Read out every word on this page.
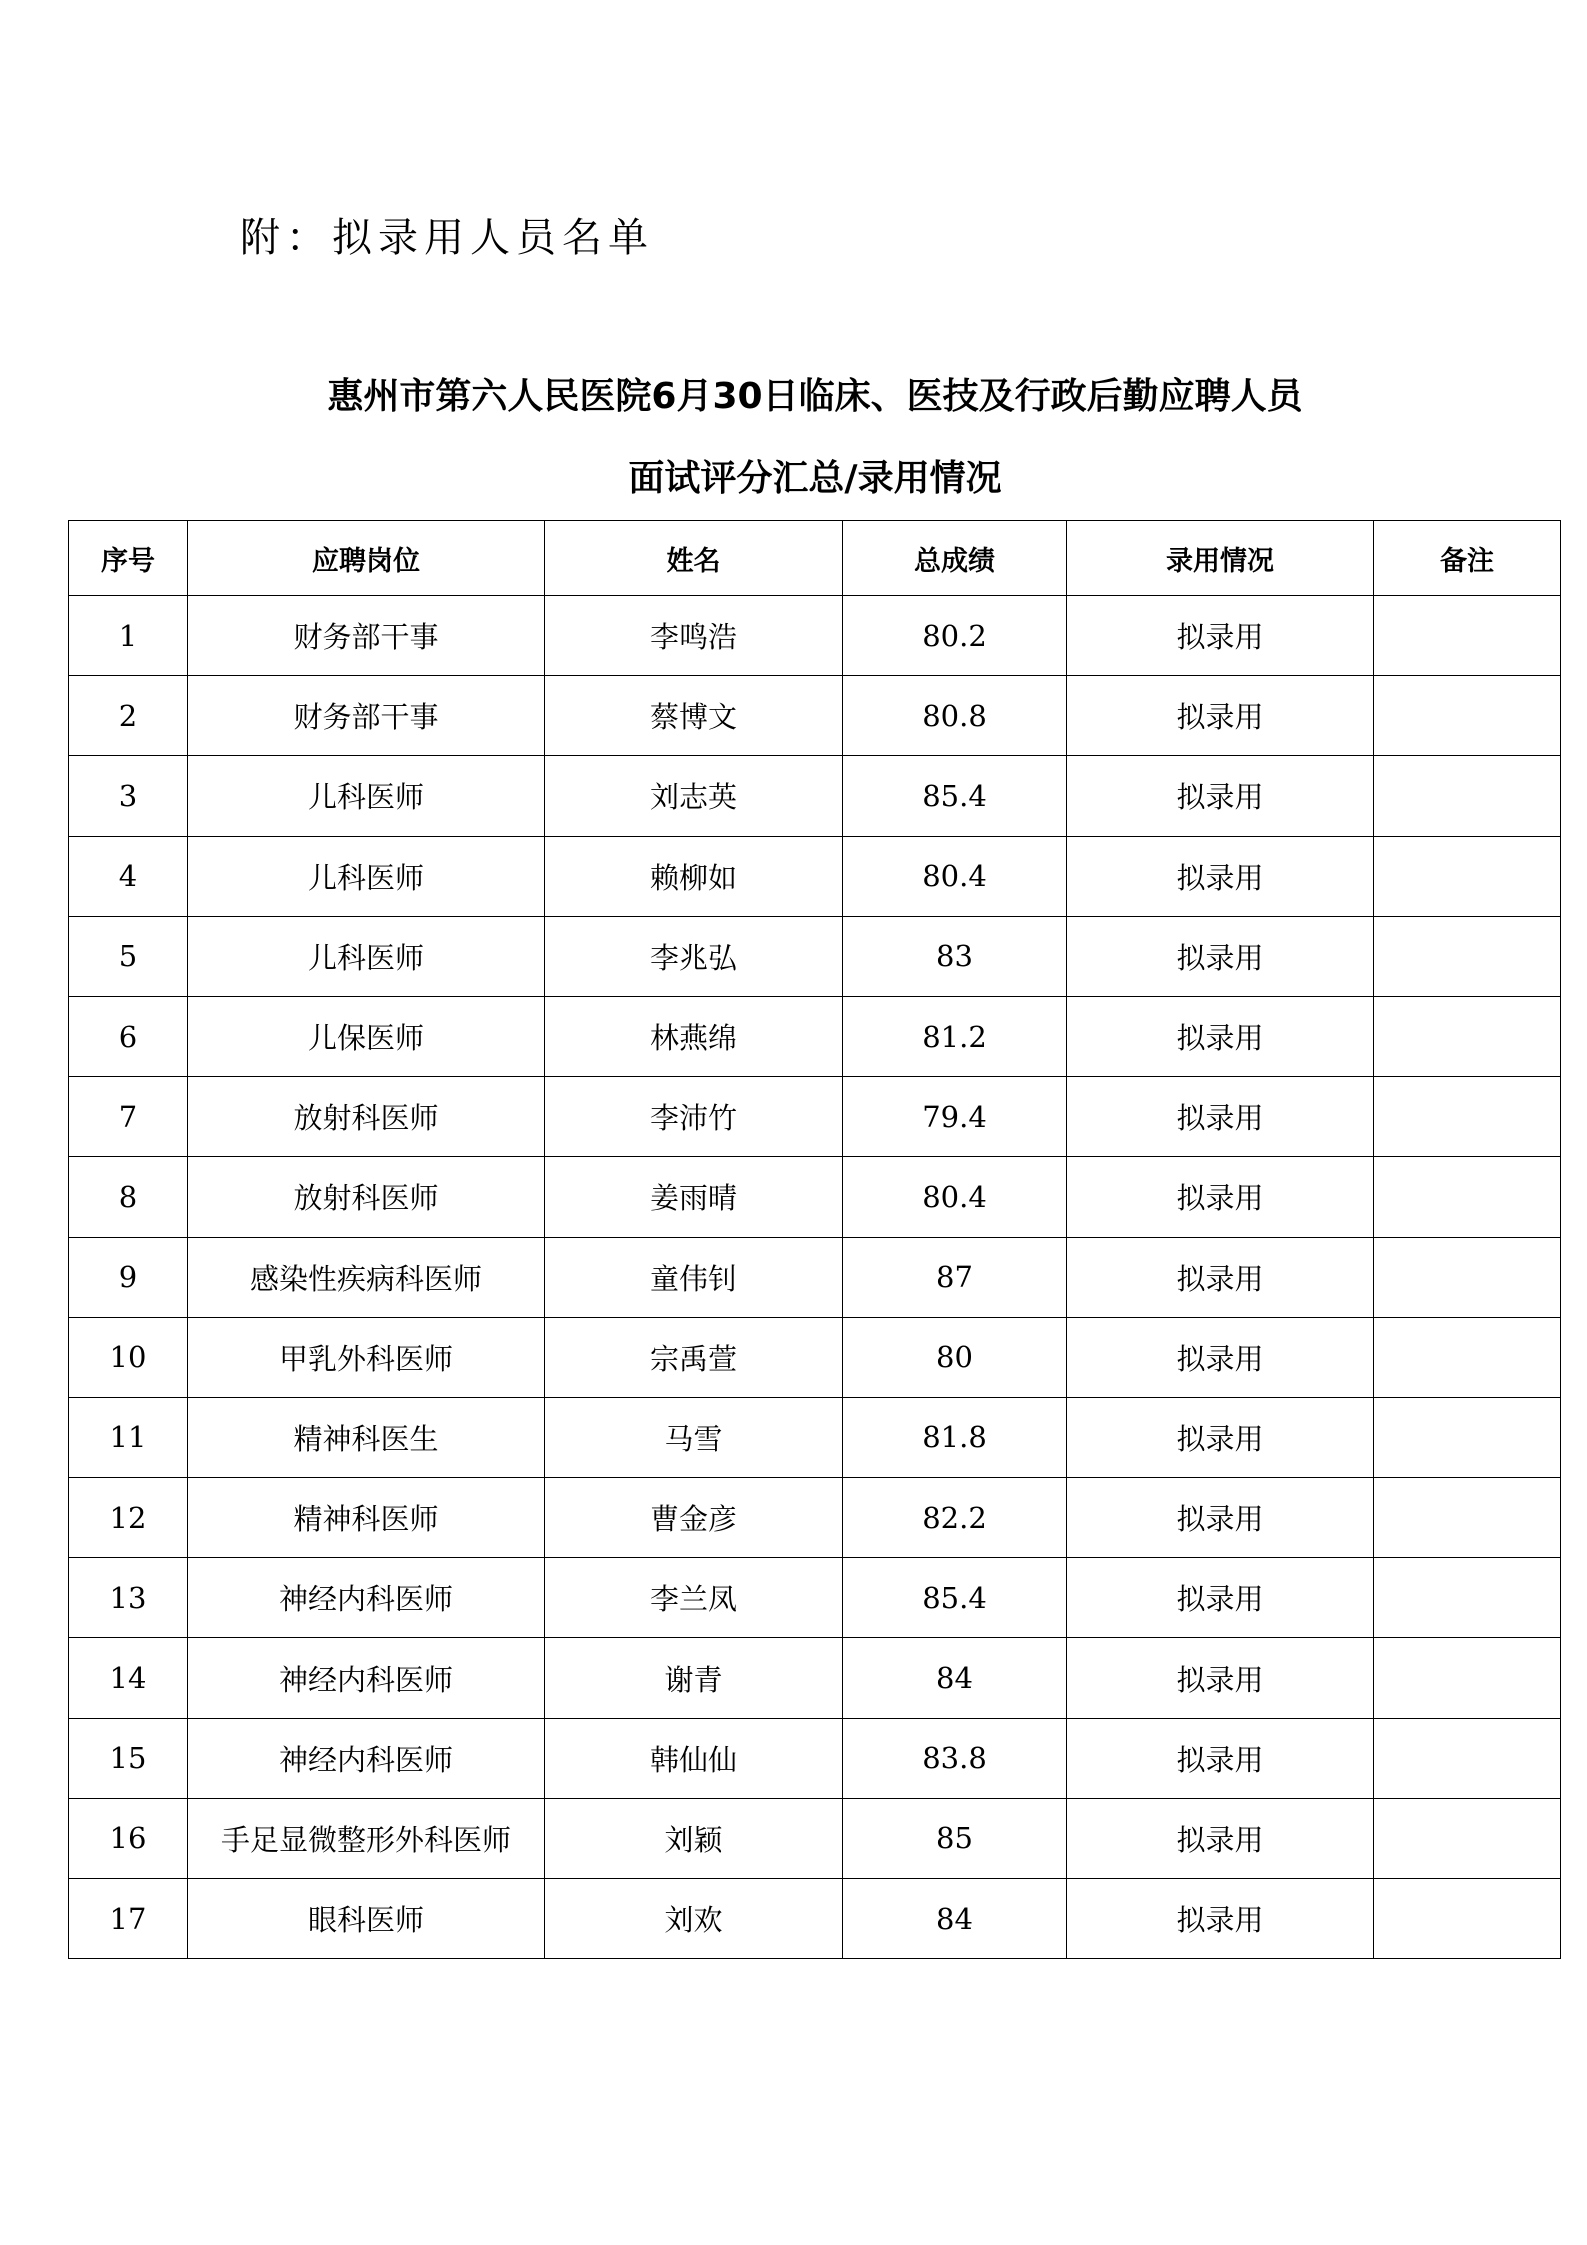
附：拟录用人员名单
惠州市第六人民医院6月30日临床、医技及行政后勤应聘人员
面试评分汇总/录用情况
序号	应聘岗位	姓名	总成绩	录用情况	备注
1	财务部干事	李鸣浩	80.2	拟录用	
2	财务部干事	蔡博文	80.8	拟录用	
3	儿科医师	刘志英	85.4	拟录用	
4	儿科医师	赖柳如	80.4	拟录用	
5	儿科医师	李兆弘	83	拟录用	
6	儿保医师	林燕绵	81.2	拟录用	
7	放射科医师	李沛竹	79.4	拟录用	
8	放射科医师	姜雨晴	80.4	拟录用	
9	感染性疾病科医师	童伟钊	87	拟录用	
10	甲乳外科医师	宗禹萱	80	拟录用	
11	精神科医生	马雪	81.8	拟录用	
12	精神科医师	曹金彦	82.2	拟录用	
13	神经内科医师	李兰凤	85.4	拟录用	
14	神经内科医师	谢青	84	拟录用	
15	神经内科医师	韩仙仙	83.8	拟录用	
16	手足显微整形外科医师	刘颖	85	拟录用	
17	眼科医师	刘欢	84	拟录用	
